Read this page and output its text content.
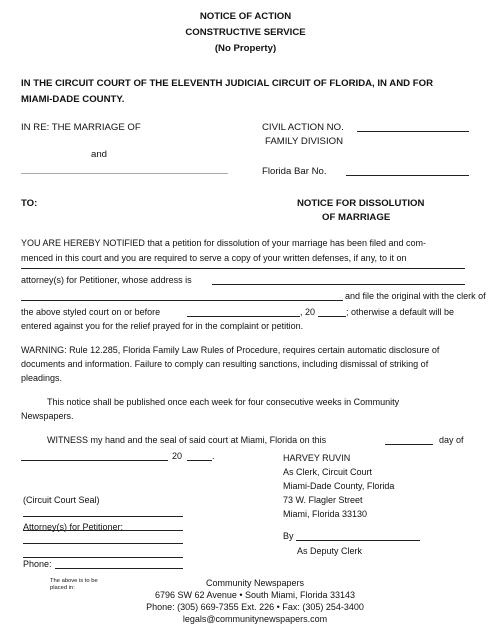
NOTICE OF ACTION
CONSTRUCTIVE SERVICE
(No Property)
IN THE CIRCUIT COURT OF THE ELEVENTH JUDICIAL CIRCUIT OF FLORIDA, IN AND FOR
MIAMI-DADE COUNTY.
IN RE: THE MARRIAGE OF
and
CIVIL ACTION NO.
FAMILY DIVISION
Florida Bar No.
TO:	NOTICE FOR DISSOLUTION
OF MARRIAGE
YOU ARE HEREBY NOTIFIED that a petition for dissolution of your marriage has been filed and com-
menced in this court and you are required to serve a copy of your written defenses, if any, to it on
attorney(s) for Petitioner, whose address is
and file the original with the clerk of
the above styled court on or before	, 20	; otherwise a default will be
entered against you for the relief prayed for in the complaint or petition.
WARNING: Rule 12.285, Florida Family Law Rules of Procedure, requires certain automatic disclosure of
documents and information. Failure to comply can resulting sanctions, including dismissal of striking of
pleadings.
This notice shall be published once each week for four consecutive weeks in Community
Newspapers.
WITNESS my hand and the seal of said court at Miami, Florida on this	day of
20	.
(Circuit Court Seal)
Attorney(s) for Petitioner:
Phone:
HARVEY RUVIN
As Clerk, Circuit Court
Miami-Dade County, Florida
73 W. Flagler Street
Miami, Florida 33130
By
As Deputy Clerk
The above is to be
placed in:	Community Newspapers
6796 SW 62 Avenue • South Miami, Florida 33143
Phone: (305) 669-7355 Ext. 226 • Fax: (305) 254-3400
legals@communitynewspapers.com
